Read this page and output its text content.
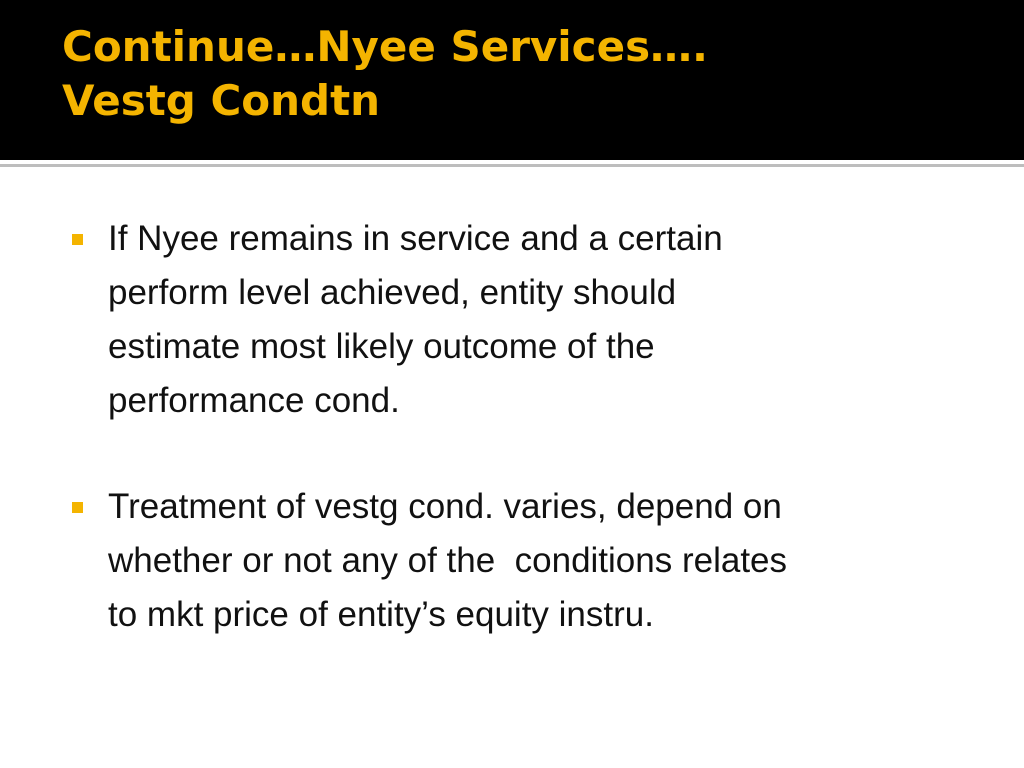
Continue…Nyee Services….
Vestg Condtn
If Nyee remains in service and a certain
perform level achieved, entity should
estimate most likely outcome of the
performance cond.
Treatment of vestg cond. varies, depend on
whether or not any of the  conditions relates
to mkt price of entity’s equity instru.
